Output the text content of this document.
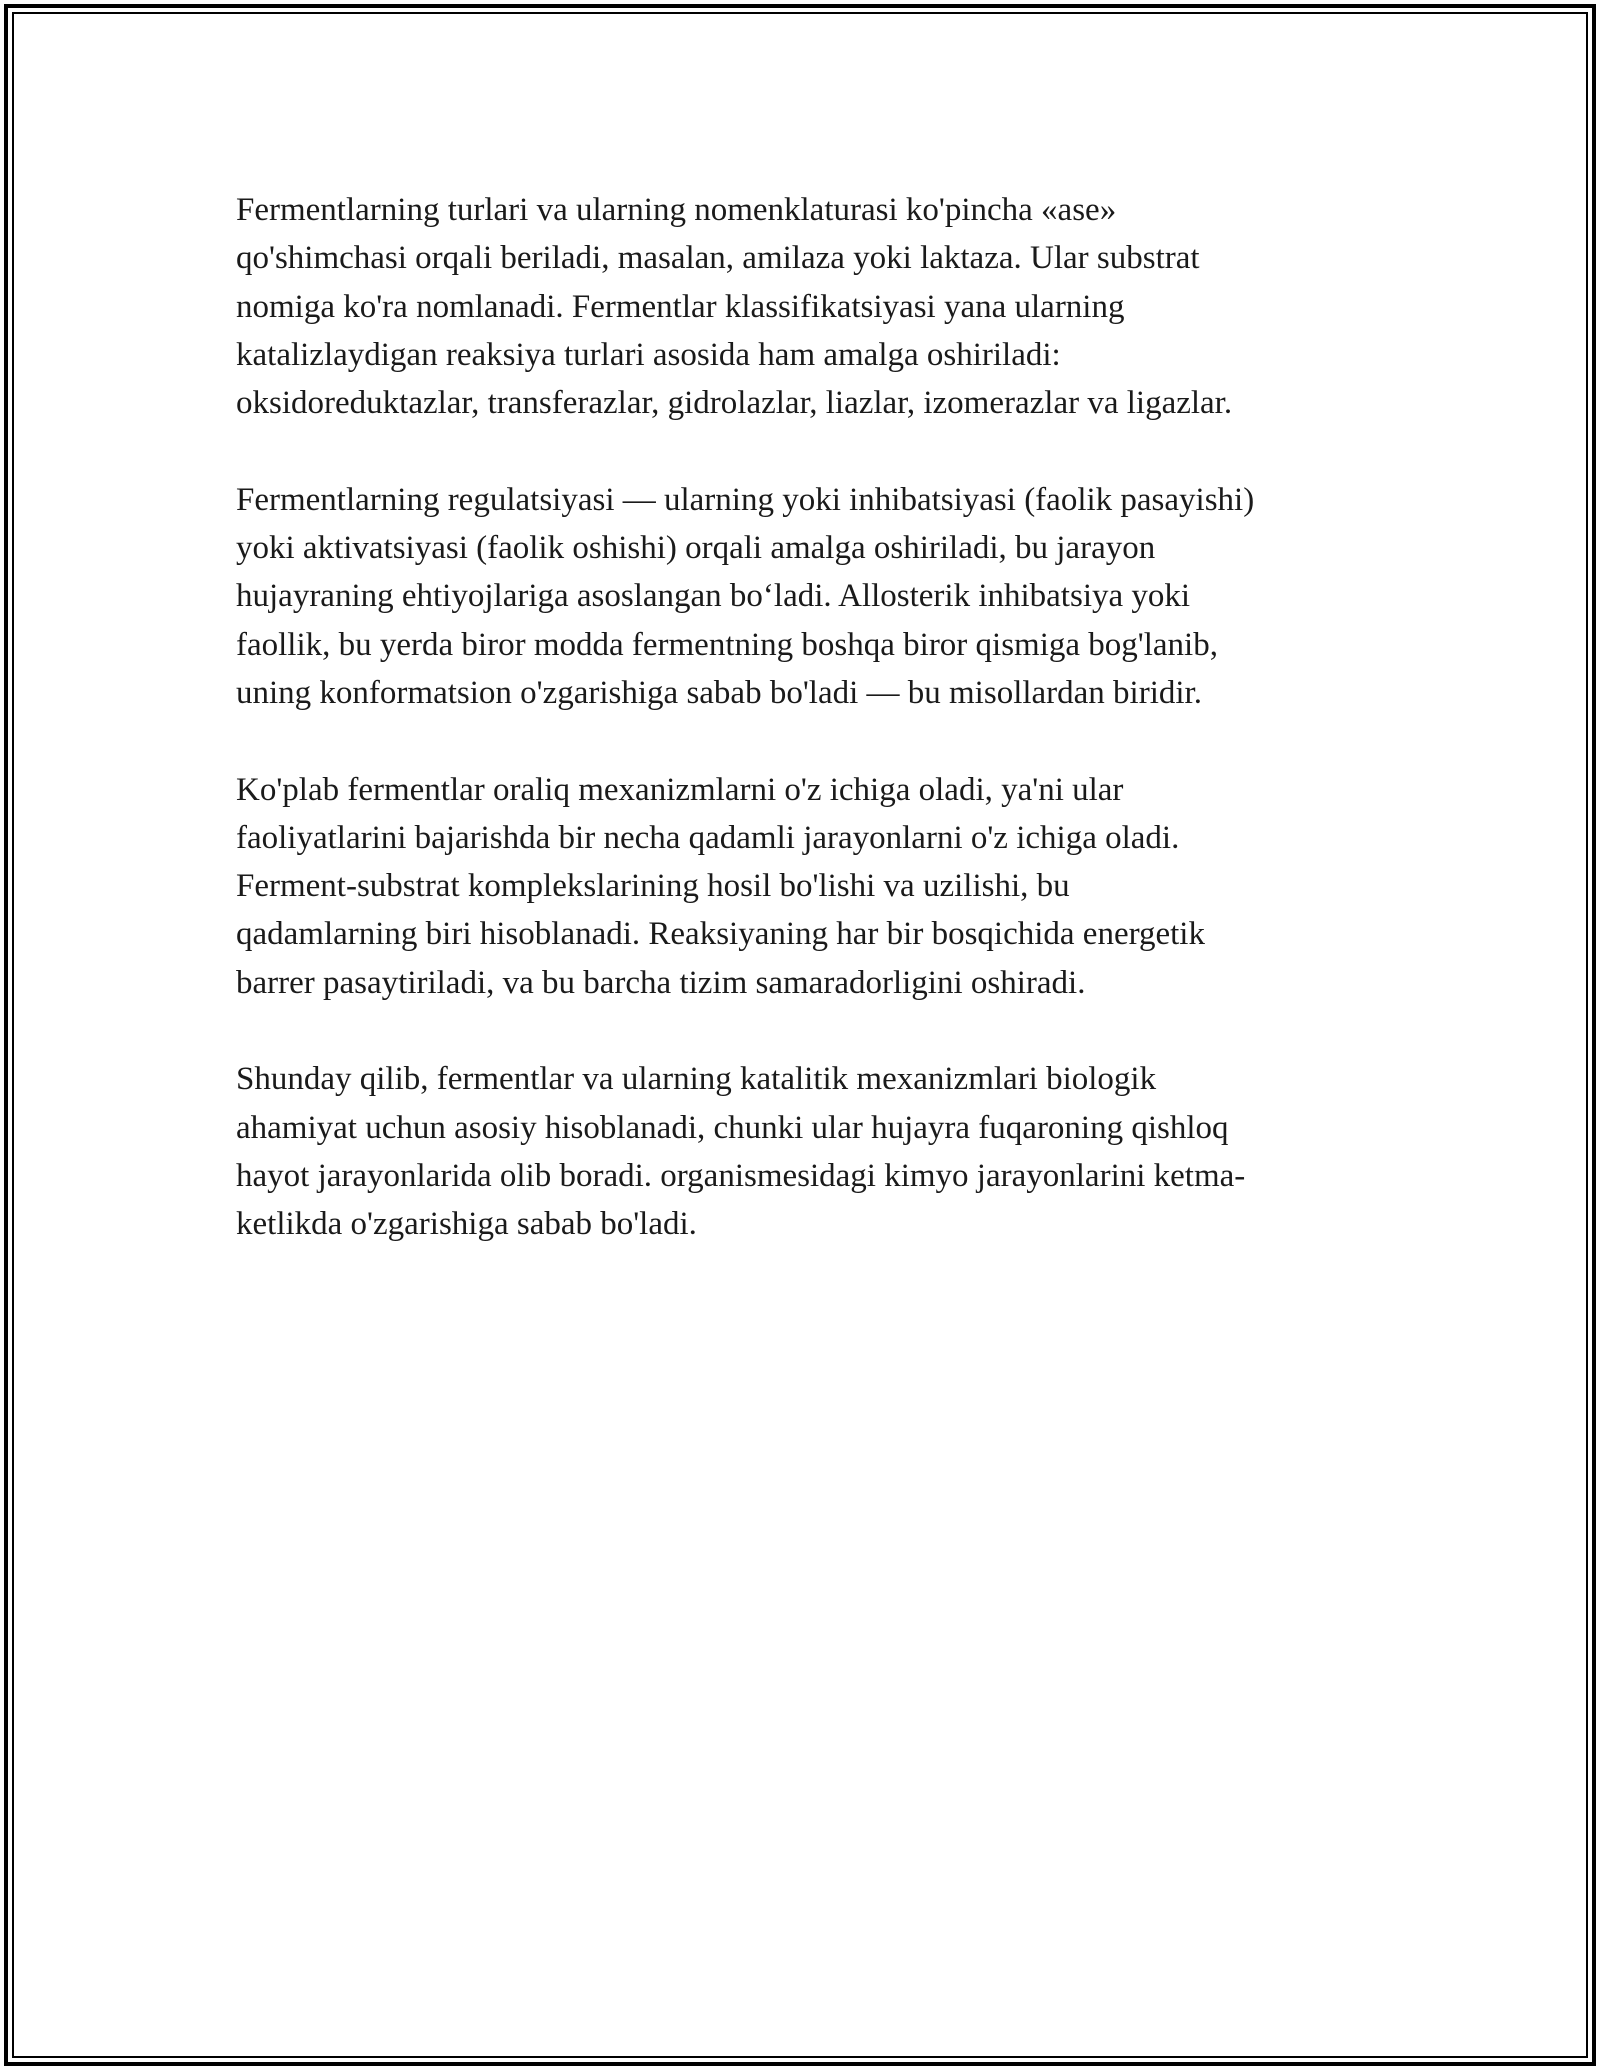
Fermentlarning turlari va ularning nomenklaturasi ko'pincha «ase»
qo'shimchasi orqali beriladi, masalan, amilaza yoki laktaza. Ular substrat
nomiga ko'ra nomlanadi. Fermentlar klassifikatsiyasi yana ularning
katalizlaydigan reaksiya turlari asosida ham amalga oshiriladi:
oksidoreduktazlar, transferazlar, gidrolazlar, liazlar, izomerazlar va ligazlar.

Fermentlarning regulatsiyasi — ularning yoki inhibatsiyasi (faolik pasayishi)
yoki aktivatsiyasi (faolik oshishi) orqali amalga oshiriladi, bu jarayon
hujayraning ehtiyojlariga asoslangan bo‘ladi. Allosterik inhibatsiya yoki
faollik, bu yerda biror modda fermentning boshqa biror qismiga bog'lanib,
uning konformatsion o'zgarishiga sabab bo'ladi — bu misollardan biridir.

Ko'plab fermentlar oraliq mexanizmlarni o'z ichiga oladi, ya'ni ular
faoliyatlarini bajarishda bir necha qadamli jarayonlarni o'z ichiga oladi.
Ferment-substrat komplekslarining hosil bo'lishi va uzilishi, bu
qadamlarning biri hisoblanadi. Reaksiyaning har bir bosqichida energetik
barrer pasaytiriladi, va bu barcha tizim samaradorligini oshiradi.

Shunday qilib, fermentlar va ularning katalitik mexanizmlari biologik
ahamiyat uchun asosiy hisoblanadi, chunki ular hujayra fuqaroning qishloq
hayot jarayonlarida olib boradi. organismesidagi kimyo jarayonlarini ketma-
ketlikda o'zgarishiga sabab bo'ladi.
